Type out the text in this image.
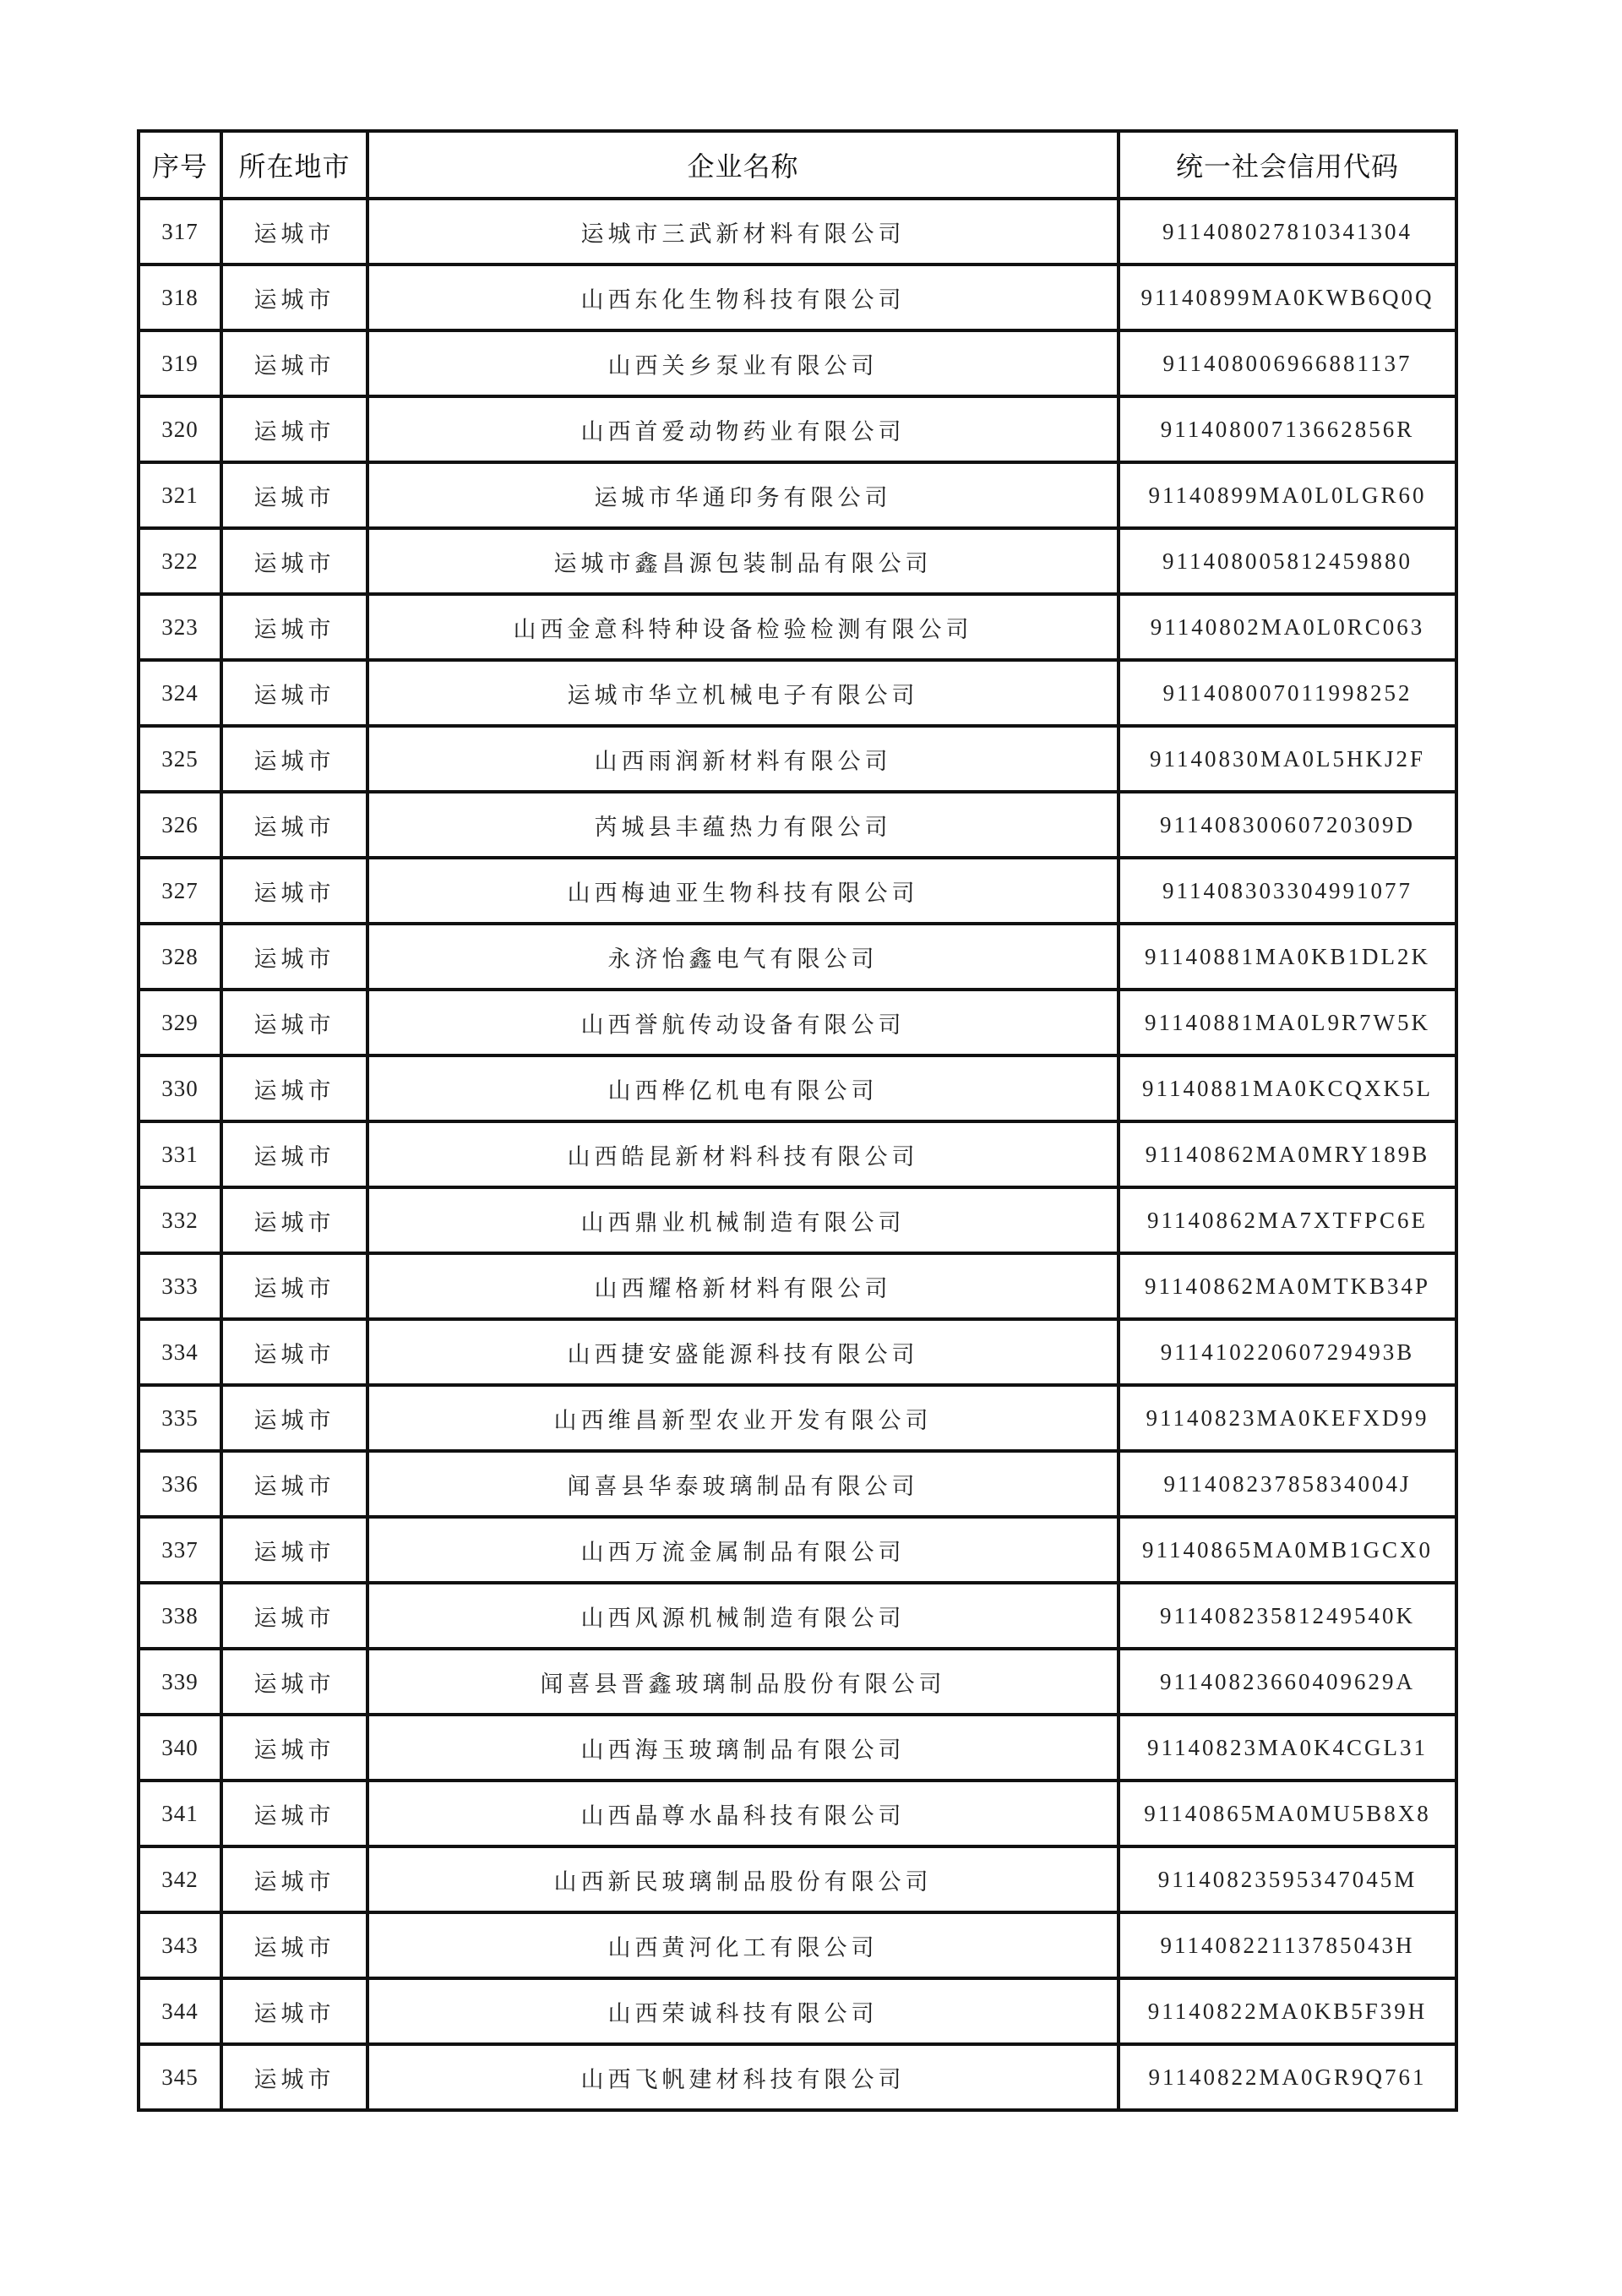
序号	所在地市	企业名称	统一社会信用代码
317	运城市	运城市三武新材料有限公司	911408027810341304
318	运城市	山西东化生物科技有限公司	91140899MA0KWB6Q0Q
319	运城市	山西关乡泵业有限公司	911408006966881137
320	运城市	山西首爱动物药业有限公司	91140800713662856R
321	运城市	运城市华通印务有限公司	91140899MA0L0LGR60
322	运城市	运城市鑫昌源包装制品有限公司	911408005812459880
323	运城市	山西金意科特种设备检验检测有限公司	91140802MA0L0RC063
324	运城市	运城市华立机械电子有限公司	911408007011998252
325	运城市	山西雨润新材料有限公司	91140830MA0L5HKJ2F
326	运城市	芮城县丰蕴热力有限公司	91140830060720309D
327	运城市	山西梅迪亚生物科技有限公司	911408303304991077
328	运城市	永济怡鑫电气有限公司	91140881MA0KB1DL2K
329	运城市	山西誉航传动设备有限公司	91140881MA0L9R7W5K
330	运城市	山西桦亿机电有限公司	91140881MA0KCQXK5L
331	运城市	山西皓昆新材料科技有限公司	91140862MA0MRY189B
332	运城市	山西鼎业机械制造有限公司	91140862MA7XTFPC6E
333	运城市	山西耀格新材料有限公司	91140862MA0MTKB34P
334	运城市	山西捷安盛能源科技有限公司	91141022060729493B
335	运城市	山西维昌新型农业开发有限公司	91140823MA0KEFXD99
336	运城市	闻喜县华泰玻璃制品有限公司	91140823785834004J
337	运城市	山西万流金属制品有限公司	91140865MA0MB1GCX0
338	运城市	山西风源机械制造有限公司	91140823581249540K
339	运城市	闻喜县晋鑫玻璃制品股份有限公司	91140823660409629A
340	运城市	山西海玉玻璃制品有限公司	91140823MA0K4CGL31
341	运城市	山西晶尊水晶科技有限公司	91140865MA0MU5B8X8
342	运城市	山西新民玻璃制品股份有限公司	91140823595347045M
343	运城市	山西黄河化工有限公司	91140822113785043H
344	运城市	山西荣诚科技有限公司	91140822MA0KB5F39H
345	运城市	山西飞帆建材科技有限公司	91140822MA0GR9Q761
